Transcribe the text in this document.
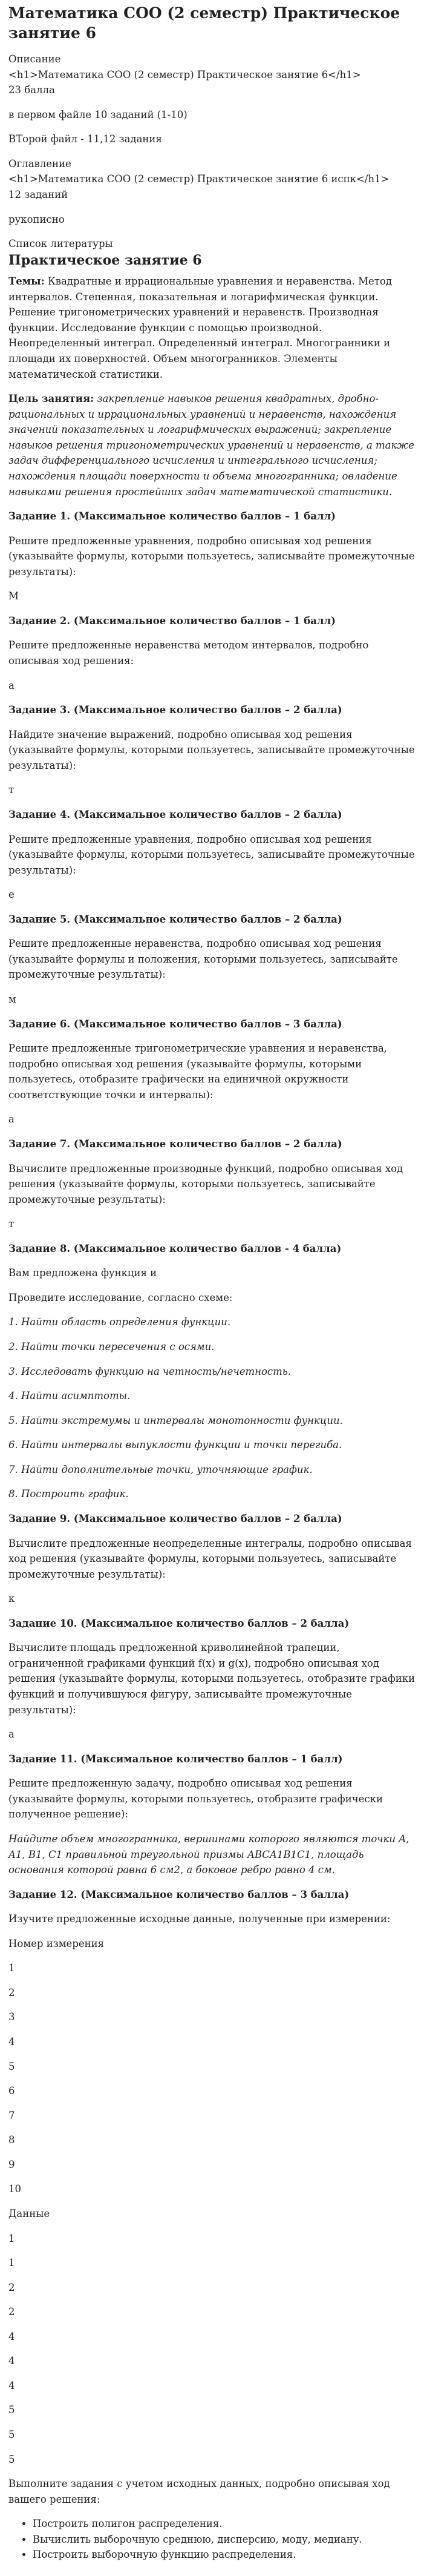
Математика СОО (2 семестр) Практическое занятие 6

Описание

<h1>Математика СОО (2 семестр) Практическое занятие 6</h1>

23 балла

в первом файле 10 заданий (1-10)

ВТорой файл - 11,12 задания

Оглавление

<h1>Математика СОО (2 семестр) Практическое занятие 6 испк</h1>

12 заданий

рукописно

Список литературы

Практическое занятие 6

Темы: Квадратные и иррациональные уравнения и неравенства. Метод интервалов. Степенная, показательная и логарифмическая функции. Решение тригонометрических уравнений и неравенств. Производная функции. Исследование функции с помощью производной. Неопределенный интеграл. Определенный интеграл. Многогранники и площади их поверхностей. Объем многогранников. Элементы математической статистики.

Цель занятия: закрепление навыков решения квадратных, дробно-рациональных и иррациональных уравнений и неравенств, нахождения значений показательных и логарифмических выражений; закрепление навыков решения тригонометрических уравнений и неравенств, а также задач дифференциального исчисления и интегрального исчисления; нахождения площади поверхности и объема многогранника; овладение навыками решения простейших задач математической статистики.

Задание 1. (Максимальное количество баллов – 1 балл)

Решите предложенные уравнения, подробно описывая ход решения (указывайте формулы, которыми пользуетесь, записывайте промежуточные результаты):

М

Задание 2. (Максимальное количество баллов – 1 балл)

Решите предложенные неравенства методом интервалов, подробно описывая ход решения:

а

Задание 3. (Максимальное количество баллов – 2 балла)

Найдите значение выражений, подробно описывая ход решения (указывайте формулы, которыми пользуетесь, записывайте промежуточные результаты):

т

Задание 4. (Максимальное количество баллов – 2 балла)

Решите предложенные уравнения, подробно описывая ход решения (указывайте формулы, которыми пользуетесь, записывайте промежуточные результаты):

е

Задание 5. (Максимальное количество баллов – 2 балла)

Решите предложенные неравенства, подробно описывая ход решения (указывайте формулы и положения, которыми пользуетесь, записывайте промежуточные результаты):

м

Задание 6. (Максимальное количество баллов – 3 балла)

Решите предложенные тригонометрические уравнения и неравенства, подробно описывая ход решения (указывайте формулы, которыми пользуетесь, отобразите графически на единичной окружности соответствующие точки и интервалы):

а

Задание 7. (Максимальное количество баллов – 2 балла)

Вычислите предложенные производные функций, подробно описывая ход решения (указывайте формулы, которыми пользуетесь, записывайте промежуточные результаты):

т

Задание 8. (Максимальное количество баллов - 4 балла)

Вам предложена функция и

Проведите исследование, согласно схеме:

1. Найти область определения функции.

2. Найти точки пересечения с осями.

3. Исследовать функцию на четность/нечетность.

4. Найти асимптоты.

5. Найти экстремумы и интервалы монотонности функции.

6. Найти интервалы выпуклости функции и точки перегиба.

7. Найти дополнительные точки, уточняющие график.

8. Построить график.

Задание 9. (Максимальное количество баллов – 2 балла)

Вычислите предложенные неопределенные интегралы, подробно описывая ход решения (указывайте формулы, которыми пользуетесь, записывайте промежуточные результаты):

к

Задание 10. (Максимальное количество баллов – 2 балла)

Вычислите площадь предложенной криволинейной трапеции, ограниченной графиками функций f(x) и g(x), подробно описывая ход решения (указывайте формулы, которыми пользуетесь, отобразите графики функций и получившуюся фигуру, записывайте промежуточные результаты):

а

Задание 11. (Максимальное количество баллов – 1 балл)

Решите предложенную задачу, подробно описывая ход решения (указывайте формулы, которыми пользуетесь, отобразите графически полученное решение):

Найдите объем многогранника, вершинами которого являются точки A, A1, B1, C1 правильной треугольной призмы ABCA1B1C1, площадь основания которой равна 6 см2, а боковое ребро равно 4 см.

Задание 12. (Максимальное количество баллов – 3 балла)

Изучите предложенные исходные данные, полученные при измерении:

Номер измерения

1

2

3

4

5

6

7

8

9

10

Данные

1

1

2

2

4

4

4

5

5

5

Выполните задания с учетом исходных данных, подробно описывая ход вашего решения:

• Построить полигон распределения.
• Вычислить выборочную среднюю, дисперсию, моду, медиану.
• Построить выборочную функцию распределения.
